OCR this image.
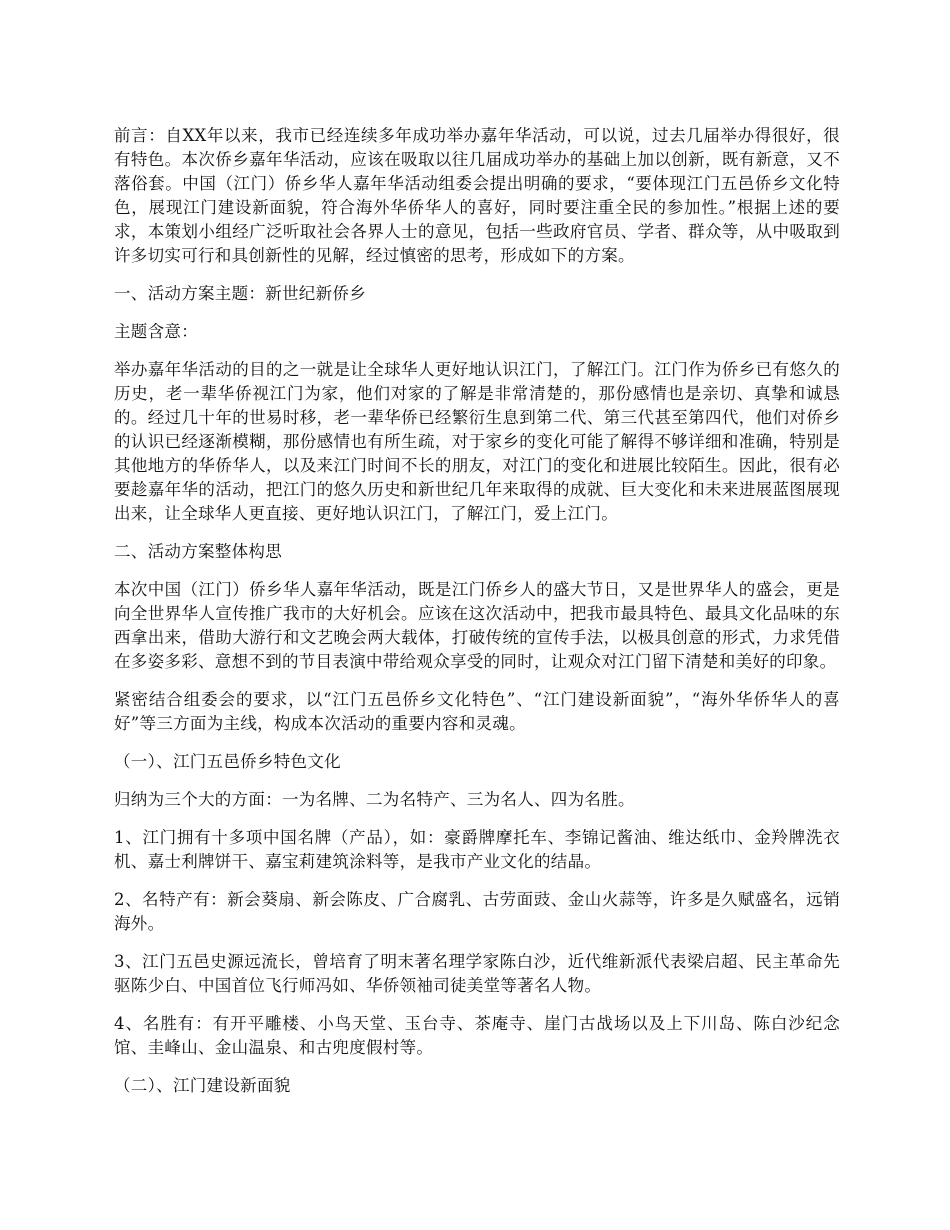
前言：自XX年以来，我市已经连续多年成功举办嘉年华活动，可以说，过去几届举办得很好，很有特色。本次侨乡嘉年华活动，应该在吸取以往几届成功举办的基础上加以创新，既有新意，又不落俗套。中国（江门）侨乡华人嘉年华活动组委会提出明确的要求，“要体现江门五邑侨乡文化特色，展现江门建设新面貌，符合海外华侨华人的喜好，同时要注重全民的参加性。”根据上述的要求，本策划小组经广泛听取社会各界人士的意见，包括一些政府官员、学者、群众等，从中吸取到许多切实可行和具创新性的见解，经过慎密的思考，形成如下的方案。

一、活动方案主题：新世纪新侨乡

主题含意：

举办嘉年华活动的目的之一就是让全球华人更好地认识江门，了解江门。江门作为侨乡已有悠久的历史，老一辈华侨视江门为家，他们对家的了解是非常清楚的，那份感情也是亲切、真挚和诚恳的。经过几十年的世易时移，老一辈华侨已经繁衍生息到第二代、第三代甚至第四代，他们对侨乡的认识已经逐渐模糊，那份感情也有所生疏，对于家乡的变化可能了解得不够详细和准确，特别是其他地方的华侨华人，以及来江门时间不长的朋友，对江门的变化和进展比较陌生。因此，很有必要趁嘉年华的活动，把江门的悠久历史和新世纪几年来取得的成就、巨大变化和未来进展蓝图展现出来，让全球华人更直接、更好地认识江门，了解江门，爱上江门。

二、活动方案整体构思

本次中国（江门）侨乡华人嘉年华活动，既是江门侨乡人的盛大节日，又是世界华人的盛会，更是向全世界华人宣传推广我市的大好机会。应该在这次活动中，把我市最具特色、最具文化品味的东西拿出来，借助大游行和文艺晚会两大载体，打破传统的宣传手法，以极具创意的形式，力求凭借在多姿多彩、意想不到的节目表演中带给观众享受的同时，让观众对江门留下清楚和美好的印象。

紧密结合组委会的要求，以“江门五邑侨乡文化特色”、“江门建设新面貌”，“海外华侨华人的喜好”等三方面为主线，构成本次活动的重要内容和灵魂。

（一）、江门五邑侨乡特色文化

归纳为三个大的方面：一为名牌、二为名特产、三为名人、四为名胜。

1、江门拥有十多项中国名牌（产品），如：豪爵牌摩托车、李锦记酱油、维达纸巾、金羚牌洗衣机、嘉士利牌饼干、嘉宝莉建筑涂料等，是我市产业文化的结晶。

2、名特产有：新会葵扇、新会陈皮、广合腐乳、古劳面豉、金山火蒜等，许多是久赋盛名，远销海外。

3、江门五邑史源远流长，曾培育了明末著名理学家陈白沙，近代维新派代表梁启超、民主革命先驱陈少白、中国首位飞行师冯如、华侨领袖司徒美堂等著名人物。

4、名胜有：有开平雕楼、小鸟天堂、玉台寺、茶庵寺、崖门古战场以及上下川岛、陈白沙纪念馆、圭峰山、金山温泉、和古兜度假村等。

（二）、江门建设新面貌
